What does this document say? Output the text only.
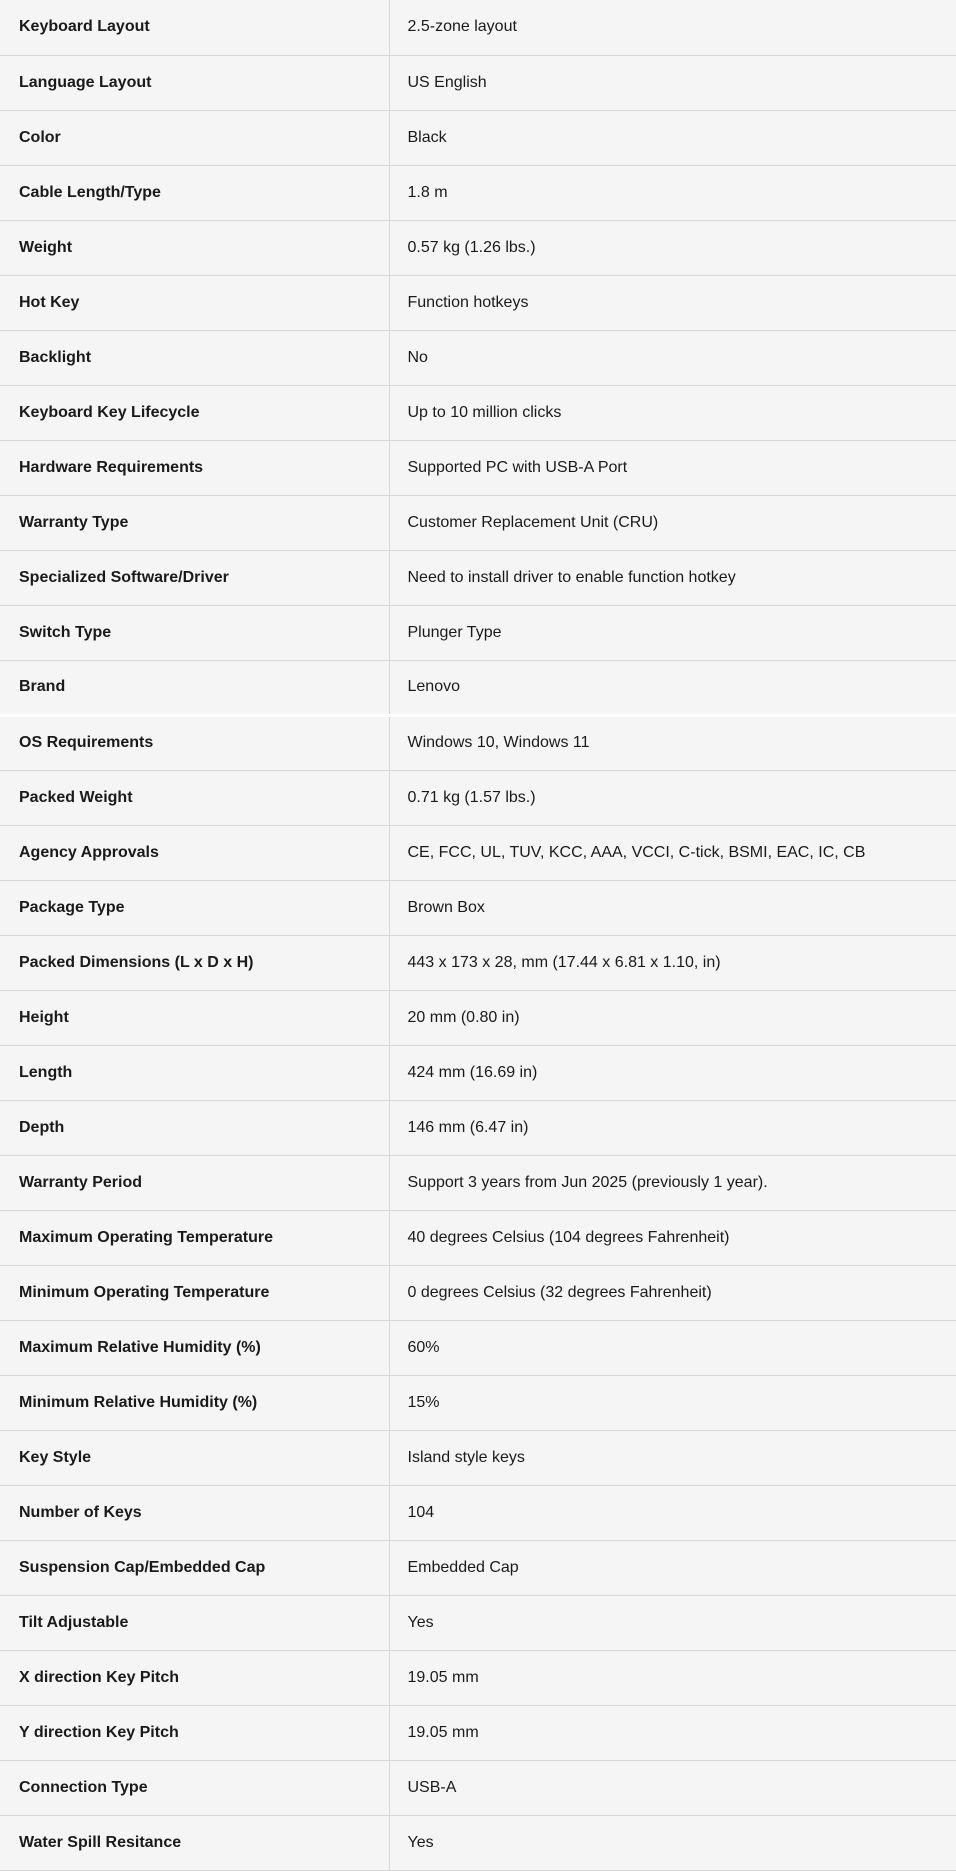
Keyboard Layout	2.5-zone layout
Language Layout	US English
Color	Black
Cable Length/Type	1.8 m
Weight	0.57 kg (1.26 lbs.)
Hot Key	Function hotkeys
Backlight	No
Keyboard Key Lifecycle	Up to 10 million clicks
Hardware Requirements	Supported PC with USB-A Port
Warranty Type	Customer Replacement Unit (CRU)
Specialized Software/Driver	Need to install driver to enable function hotkey
Switch Type	Plunger Type
Brand	Lenovo
OS Requirements	Windows 10, Windows 11
Packed Weight	0.71 kg (1.57 lbs.)
Agency Approvals	CE, FCC, UL, TUV, KCC, AAA, VCCI, C-tick, BSMI, EAC, IC, CB
Package Type	Brown Box
Packed Dimensions (L x D x H)	443 x 173 x 28, mm (17.44 x 6.81 x 1.10, in)
Height	20 mm (0.80 in)
Length	424 mm (16.69 in)
Depth	146 mm (6.47 in)
Warranty Period	Support 3 years from Jun 2025 (previously 1 year).
Maximum Operating Temperature	40 degrees Celsius (104 degrees Fahrenheit)
Minimum Operating Temperature	0 degrees Celsius (32 degrees Fahrenheit)
Maximum Relative Humidity (%)	60%
Minimum Relative Humidity (%)	15%
Key Style	Island style keys
Number of Keys	104
Suspension Cap/Embedded Cap	Embedded Cap
Tilt Adjustable	Yes
X direction Key Pitch	19.05 mm
Y direction Key Pitch	19.05 mm
Connection Type	USB-A
Water Spill Resitance	Yes
